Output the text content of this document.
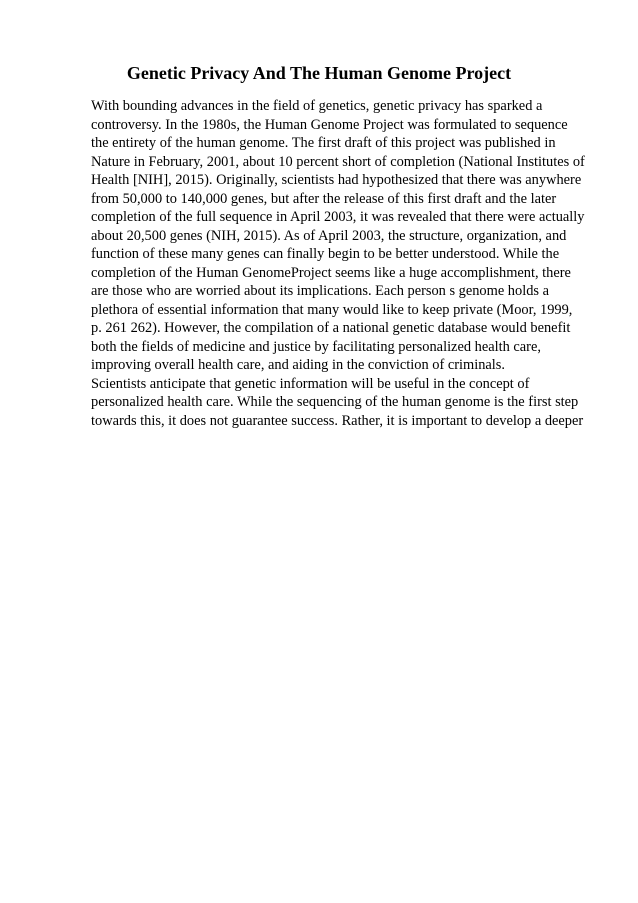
Genetic Privacy And The Human Genome Project
With bounding advances in the field of genetics, genetic privacy has sparked a
controversy. In the 1980s, the Human Genome Project was formulated to sequence
the entirety of the human genome. The first draft of this project was published in
Nature in February, 2001, about 10 percent short of completion (National Institutes of
Health [NIH], 2015). Originally, scientists had hypothesized that there was anywhere
from 50,000 to 140,000 genes, but after the release of this first draft and the later
completion of the full sequence in April 2003, it was revealed that there were actually
about 20,500 genes (NIH, 2015). As of April 2003, the structure, organization, and
function of these many genes can finally begin to be better understood. While the
completion of the Human GenomeProject seems like a huge accomplishment, there
are those who are worried about its implications. Each person s genome holds a
plethora of essential information that many would like to keep private (Moor, 1999,
p. 261 262). However, the compilation of a national genetic database would benefit
both the fields of medicine and justice by facilitating personalized health care,
improving overall health care, and aiding in the conviction of criminals.
Scientists anticipate that genetic information will be useful in the concept of
personalized health care. While the sequencing of the human genome is the first step
towards this, it does not guarantee success. Rather, it is important to develop a deeper
